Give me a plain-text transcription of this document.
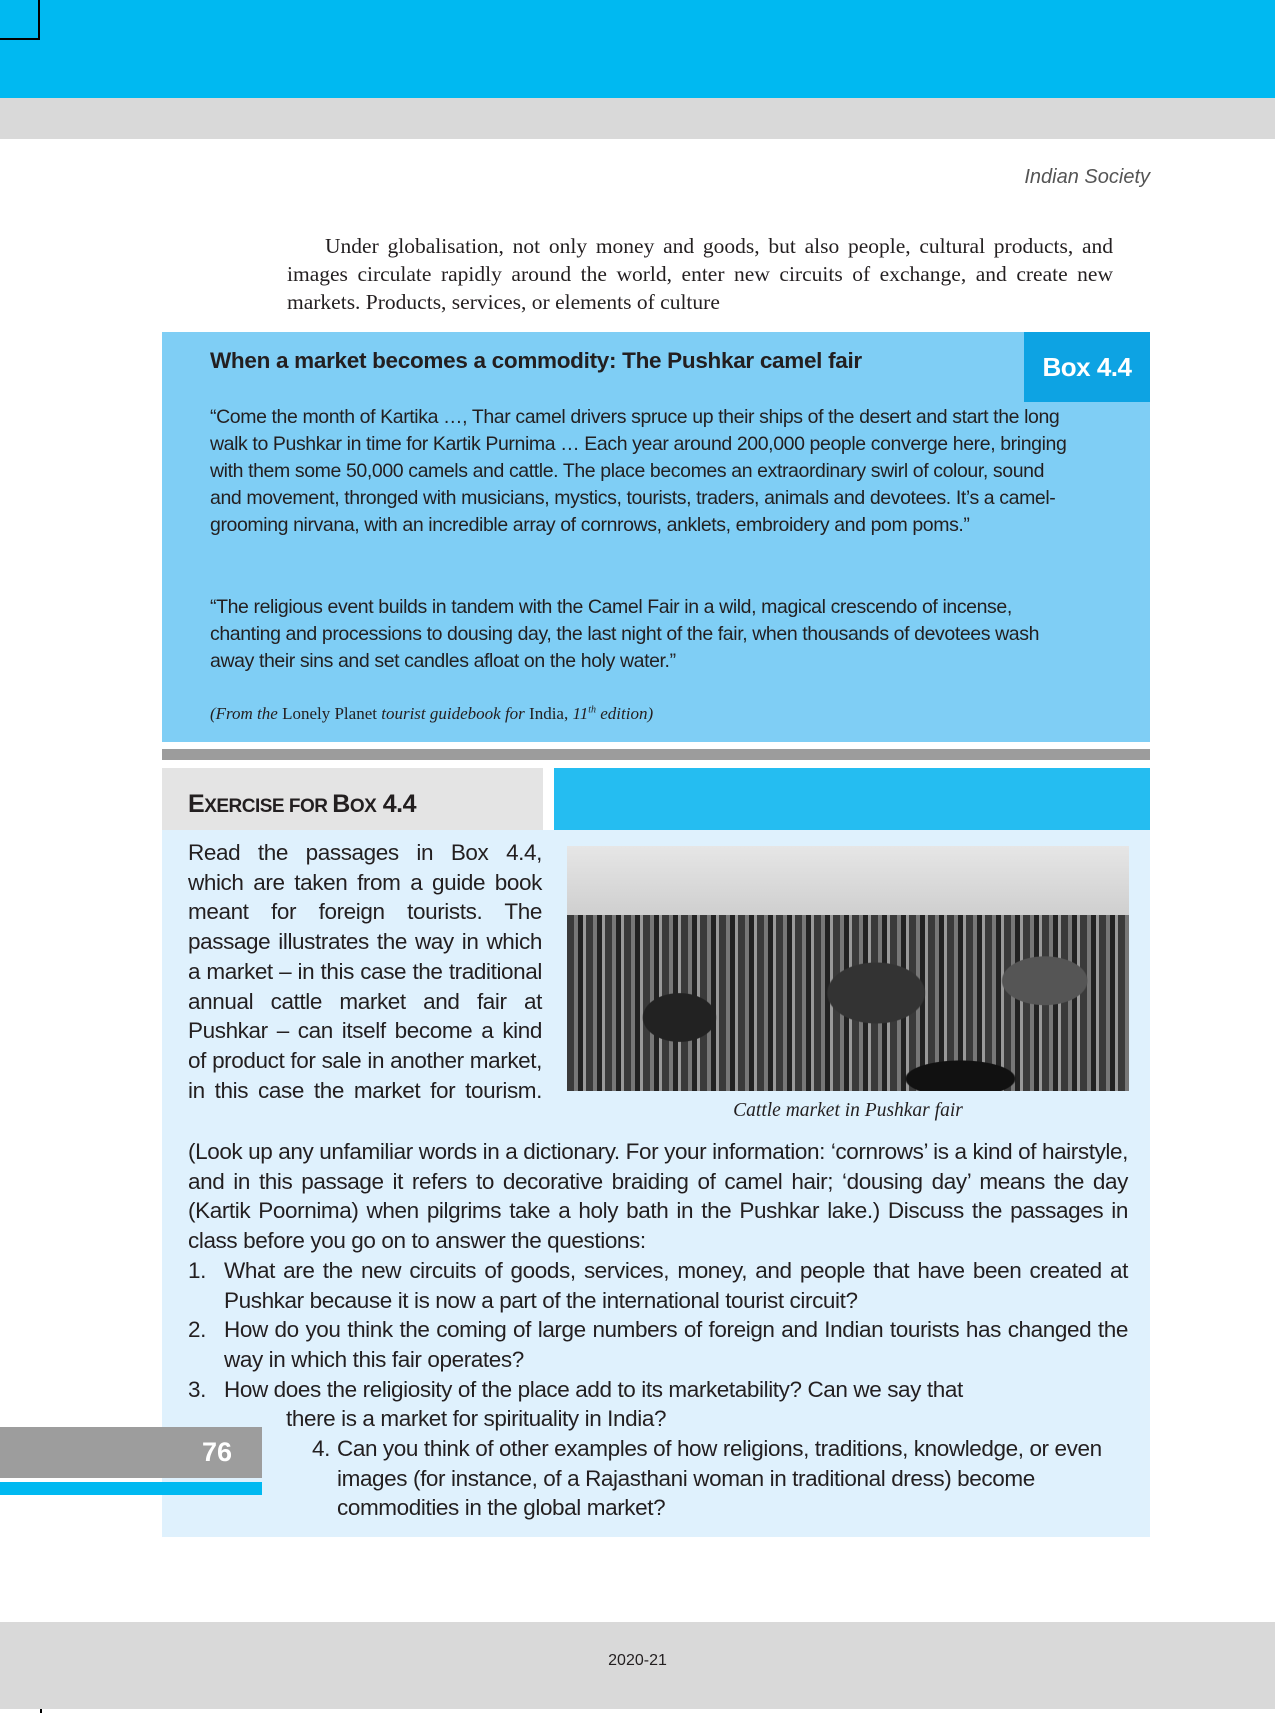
Indian Society

Under globalisation, not only money and goods, but also people, cultural products, and images circulate rapidly around the world, enter new circuits of exchange, and create new markets. Products, services, or elements of culture

When a market becomes a commodity: The Pushkar camel fair	Box 4.4

“Come the month of Kartika …, Thar camel drivers spruce up their ships of the desert and start the long walk to Pushkar in time for Kartik Purnima … Each year around 200,000 people converge here, bringing with them some 50,000 camels and cattle. The place becomes an extraordinary swirl of colour, sound and movement, thronged with musicians, mystics, tourists, traders, animals and devotees. It’s a camel-grooming nirvana, with an incredible array of cornrows, anklets, embroidery and pom poms.”

“The religious event builds in tandem with the Camel Fair in a wild, magical crescendo of incense, chanting and processions to dousing day, the last night of the fair, when thousands of devotees wash away their sins and set candles afloat on the holy water.”

(From the Lonely Planet tourist guidebook for India, 11th edition)
EXERCISE FOR BOX 4.4

Read the passages in Box 4.4, which are taken from a guide book meant for foreign tourists. The passage illustrates the way in which a market – in this case the traditional annual cattle market and fair at Pushkar – can itself become a kind of product for sale in another market, in this case the market for tourism.

Cattle market in Pushkar fair

(Look up any unfamiliar words in a dictionary. For your information: ‘cornrows’ is a kind of hairstyle, and in this passage it refers to decorative braiding of camel hair; ‘dousing day’ means the day (Kartik Poornima) when pilgrims take a holy bath in the Pushkar lake.) Discuss the passages in class before you go on to answer the questions:

1. What are the new circuits of goods, services, money, and people that have been created at Pushkar because it is now a part of the international tourist circuit?
2. How do you think the coming of large numbers of foreign and Indian tourists has changed the way in which this fair operates?
3. How does the religiosity of the place add to its marketability? Can we say that
there is a market for spirituality in India?
4. Can you think of other examples of how religions, traditions, knowledge, or even images (for instance, of a Rajasthani woman in traditional dress) become commodities in the global market?
76
2020-21
